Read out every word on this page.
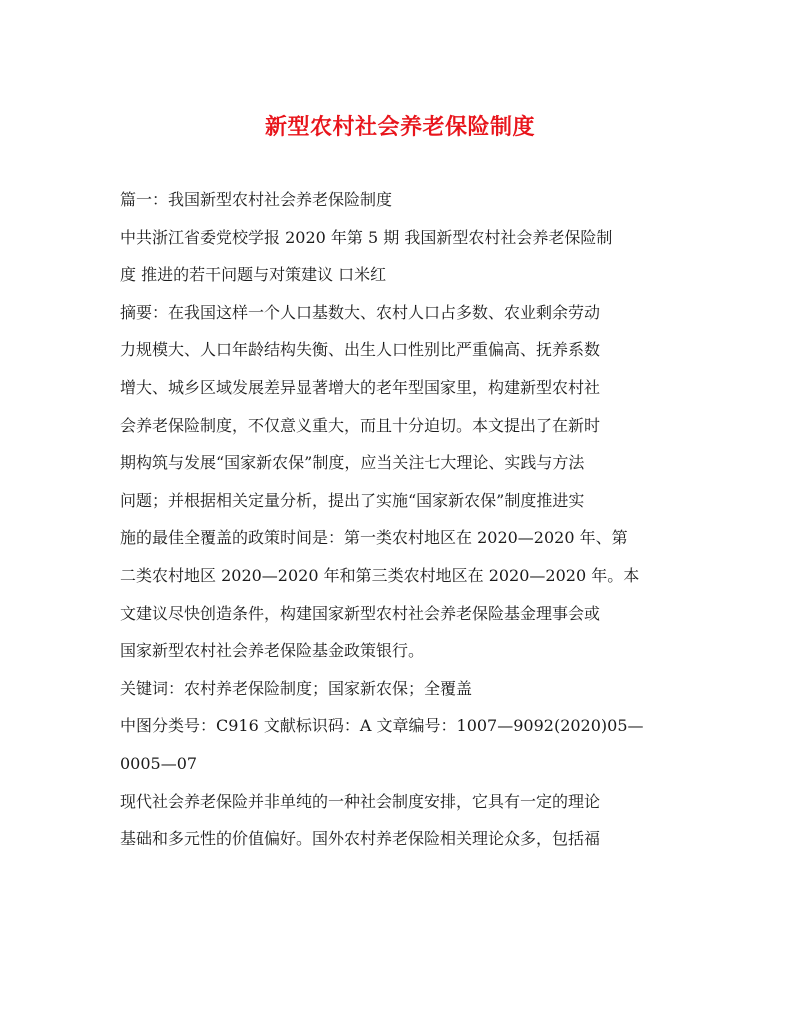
新型农村社会养老保险制度
篇一：我国新型农村社会养老保险制度
中共浙江省委党校学报 2020 年第 5 期 我国新型农村社会养老保险制
度 推进的若干问题与对策建议 口米红
摘要：在我国这样一个人口基数大、农村人口占多数、农业剩余劳动
力规模大、人口年龄结构失衡、出生人口性别比严重偏高、抚养系数
增大、城乡区域发展差异显著增大的老年型国家里，构建新型农村社
会养老保险制度，不仅意义重大，而且十分迫切。本文提出了在新时
期构筑与发展“国家新农保”制度，应当关注七大理论、实践与方法
问题；并根据相关定量分析，提出了实施“国家新农保”制度推进实
施的最佳全覆盖的政策时间是：第一类农村地区在 2020—2020 年、第
二类农村地区 2020—2020 年和第三类农村地区在 2020—2020 年。本
文建议尽快创造条件，构建国家新型农村社会养老保险基金理事会或
国家新型农村社会养老保险基金政策银行。
关键词：农村养老保险制度；国家新农保；全覆盖
中图分类号：C916 文献标识码：A 文章编号：1007—9092(2020)05—
0005—07
现代社会养老保险并非单纯的一种社会制度安排，它具有一定的理论
基础和多元性的价值偏好。国外农村养老保险相关理论众多，包括福
